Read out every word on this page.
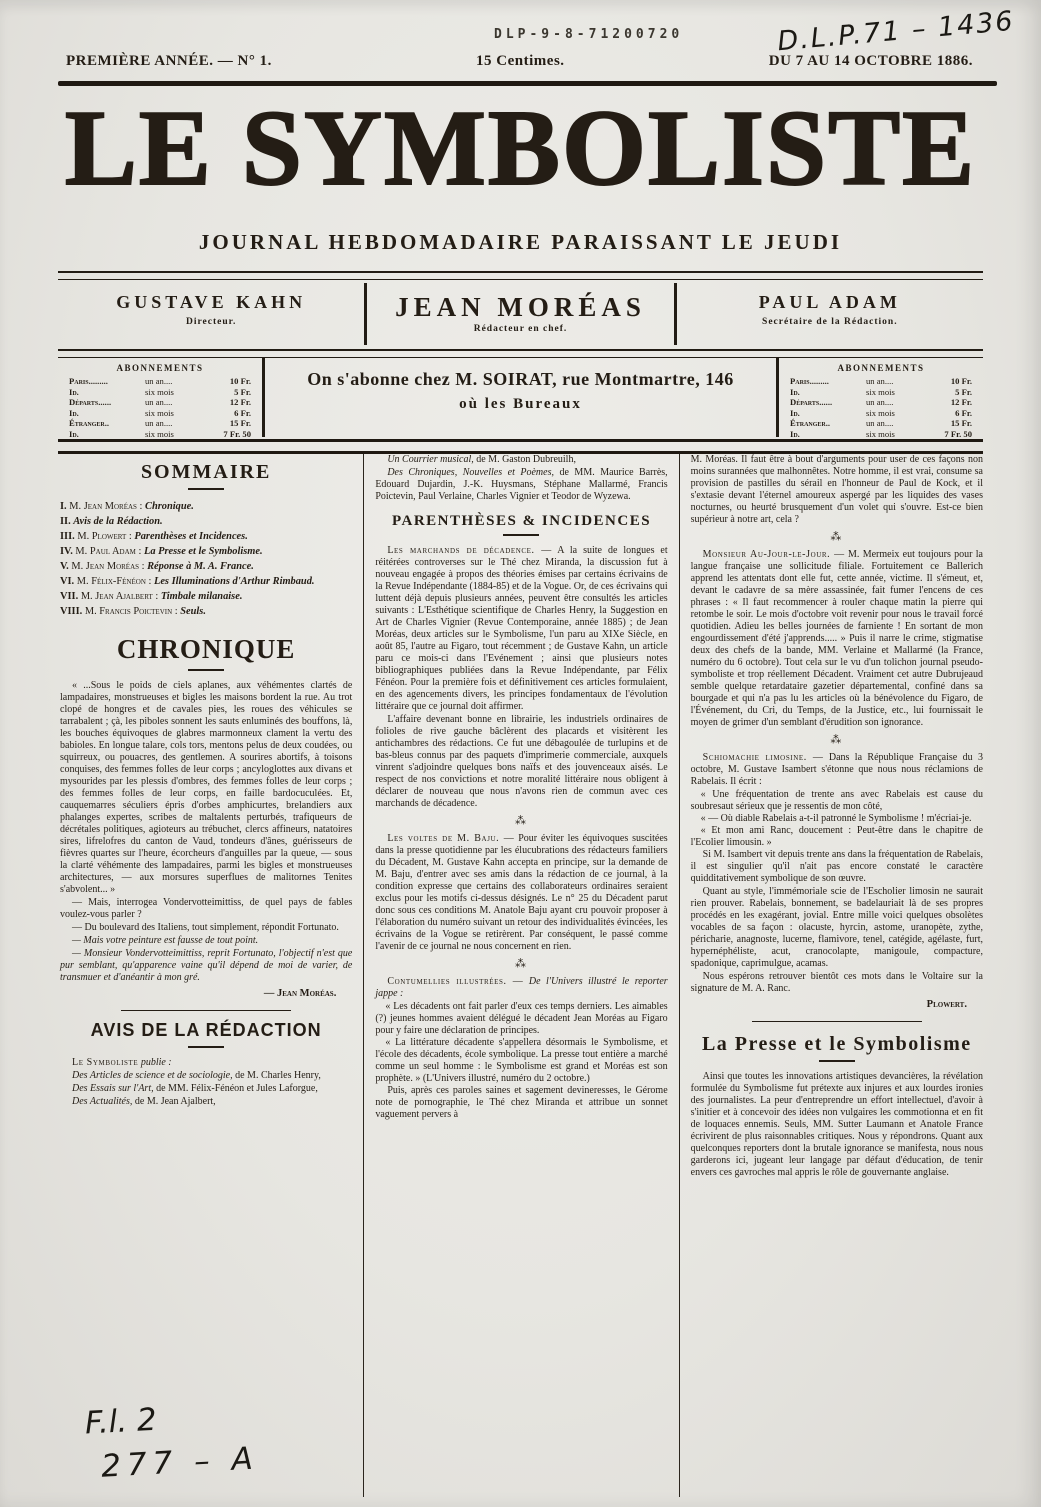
D.L.P.71 – 1436
DLP-9-8-71200720
PREMIÈRE ANNÉE. — N° 1.	15 Centimes.	DU 7 AU 14 OCTOBRE 1886.
LE SYMBOLISTE
JOURNAL HEBDOMADAIRE PARAISSANT LE JEUDI
GUSTAVE KAHN
Directeur.	JEAN MORÉAS
Rédacteur en chef.
PAUL ADAM
Secrétaire de la Rédaction.
ABONNEMENTS
Paris.........	un an....	10 Fr.
Id.	six mois	5 Fr.
Départs......	un an....	12 Fr.
Id.	six mois	6 Fr.
Étranger..	un an....	15 Fr.
Id.	six mois	7 Fr. 50
On s'abonne chez M. SOIRAT, rue Montmartre, 146
où les Bureaux
ABONNEMENTS
Paris.........	un an....	10 Fr.
Id.	six mois	5 Fr.
Départs......	un an....	12 Fr.
Id.	six mois	6 Fr.
Étranger..	un an....	15 Fr.
Id.	six mois	7 Fr. 50
SOMMAIRE
I. M. Jean Moréas : Chronique.
II. Avis de la Rédaction.
III. M. Plowert : Parenthèses et Incidences.
IV. M. Paul Adam : La Presse et le Symbolisme.
V. M. Jean Moréas : Réponse à M. A. France.
VI. M. Félix-Fénéon : Les Illuminations d'Arthur Rimbaud.
VII. M. Jean Ajalbert : Timbale milanaise.
VIII. M. Francis Poictevin : Seuls.
CHRONIQUE

« ...Sous le poids de ciels aplanes, aux véhémentes clartés de lampadaires, monstrueuses et bigles les maisons bordent la rue. Au trot clopé de hongres et de cavales pies, les roues des véhicules se tarrabalent ; çà, les piboles sonnent les sauts enluminés des bouffons, là, les bouches équivoques de glabres marmonneux clament la vertu des babioles. En longue talare, cols tors, mentons pelus de deux coudées, ou squirreux, ou pouacres, des gentlemen. A sourires abortifs, à toisons conquises, des femmes folles de leur corps ; ancyloglottes aux divans et mysourides par les plessis d'ombres, des femmes folles de leur corps ; des femmes folles de leur corps, en faille bardocuculées. Et, cauquemarres séculiers épris d'orbes amphicurtes, brelandiers aux phalanges expertes, scribes de maltalents perturbés, trafiqueurs de décrétales politiques, agioteurs au trébuchet, clercs affineurs, natatoires sires, lifrelofres du canton de Vaud, tondeurs d'ânes, guérisseurs de fièvres quartes sur l'heure, écorcheurs d'anguilles par la queue, — sous la clarté véhémente des lampadaires, parmi les bigles et monstrueuses architectures, — aux morsures superflues de malitornes Tenites s'abvolent... »

— Mais, interrogea Vondervotteimittiss, de quel pays de fables voulez-vous parler ?

— Du boulevard des Italiens, tout simplement, répondit Fortunato.

— Mais votre peinture est fausse de tout point.

— Monsieur Vondervotteimittiss, reprit Fortunato, l'objectif n'est que pur semblant, qu'apparence vaine qu'il dépend de moi de varier, de transmuer et d'anéantir à mon gré.

— Jean Moréas.
AVIS DE LA RÉDACTION

Le Symboliste publie :

Des Articles de science et de sociologie, de M. Charles Henry,

Des Essais sur l'Art, de MM. Félix-Fénéon et Jules Laforgue,

Des Actualités, de M. Jean Ajalbert,

Un Courrier musical, de M. Gaston Dubreuilh,

Des Chroniques, Nouvelles et Poèmes, de MM. Maurice Barrès, Edouard Dujardin, J.-K. Huysmans, Stéphane Mallarmé, Francis Poictevin, Paul Verlaine, Charles Vignier et Teodor de Wyzewa.

PARENTHÈSES & INCIDENCES

Les marchands de décadence. — A la suite de longues et réitérées controverses sur le Thé chez Miranda, la discussion fut à nouveau engagée à propos des théories émises par certains écrivains de la Revue Indépendante (1884-85) et de la Vogue. Or, de ces écrivains qui luttent déjà depuis plusieurs années, peuvent être consultés les articles suivants : L'Esthétique scientifique de Charles Henry, la Suggestion en Art de Charles Vignier (Revue Contemporaine, année 1885) ; de Jean Moréas, deux articles sur le Symbolisme, l'un paru au XIXe Siècle, en août 85, l'autre au Figaro, tout récemment ; de Gustave Kahn, un article paru ce mois-ci dans l'Evénement ; ainsi que plusieurs notes bibliographiques publiées dans la Revue Indépendante, par Félix Fénéon. Pour la première fois et définitivement ces articles formulaient, en des agencements divers, les principes fondamentaux de l'évolution littéraire que ce journal doit affirmer.

L'affaire devenant bonne en librairie, les industriels ordinaires de folioles de rive gauche bâclèrent des placards et visitèrent les antichambres des rédactions. Ce fut une débagoulée de turlupins et de bas-bleus connus par des paquets d'imprimerie commerciale, auxquels vinrent s'adjoindre quelques bons naïfs et des jouvenceaux aisés. Le respect de nos convictions et notre moralité littéraire nous obligent à déclarer de nouveau que nous n'avons rien de commun avec ces marchands de décadence.

⁂

Les voltes de M. Baju. — Pour éviter les équivoques suscitées dans la presse quotidienne par les élucubrations des rédacteurs familiers du Décadent, M. Gustave Kahn accepta en principe, sur la demande de M. Baju, d'entrer avec ses amis dans la rédaction de ce journal, à la condition expresse que certains des collaborateurs ordinaires seraient exclus pour les motifs ci-dessus désignés. Le n° 25 du Décadent parut donc sous ces conditions M. Anatole Baju ayant cru pouvoir proposer à l'élaboration du numéro suivant un retour des individualités évincées, les écrivains de la Vogue se retirèrent. Par conséquent, le passé comme l'avenir de ce journal ne nous concernent en rien.

⁂

Contumellies illustrées. — De l'Univers illustré le reporter jappe :

« Les décadents ont fait parler d'eux ces temps derniers. Les aimables (?) jeunes hommes avaient délégué le décadent Jean Moréas au Figaro pour y faire une déclaration de principes.

« La littérature décadente s'appellera désormais le Symbolisme, et l'école des décadents, école symbolique. La presse tout entière a marché comme un seul homme : le Symbolisme est grand et Moréas est son prophète. » (L'Univers illustré, numéro du 2 octobre.)

Puis, après ces paroles saines et sagement devineresses, le Gérome note de pornographie, le Thé chez Miranda et attribue un sonnet vaguement pervers à

M. Moréas. Il faut être à bout d'arguments pour user de ces façons non moins surannées que malhonnêtes. Notre homme, il est vrai, consume sa provision de pastilles du sérail en l'honneur de Paul de Kock, et il s'extasie devant l'éternel amoureux aspergé par les liquides des vases nocturnes, ou heurté brusquement d'un volet qui s'ouvre. Est-ce bien supérieur à notre art, cela ?

⁂

Monsieur Au-Jour-le-Jour. — M. Mermeix eut toujours pour la langue française une sollicitude filiale. Fortuitement ce Ballerich apprend les attentats dont elle fut, cette année, victime. Il s'émeut, et, devant le cadavre de sa mère assassinée, fait fumer l'encens de ces phrases : « Il faut recommencer à rouler chaque matin la pierre qui retombe le soir. Le mois d'octobre voit revenir pour nous le travail forcé quotidien. Adieu les belles journées de farniente ! En sortant de mon engourdissement d'été j'apprends..... » Puis il narre le crime, stigmatise deux des chefs de la bande, MM. Verlaine et Mallarmé (la France, numéro du 6 octobre). Tout cela sur le vu d'un tolichon journal pseudo-symboliste et trop réellement Décadent. Vraiment cet autre Dubrujeaud semble quelque retardataire gazetier départemental, confiné dans sa bourgade et qui n'a pas lu les articles où la bénévolence du Figaro, de l'Événement, du Cri, du Temps, de la Justice, etc., lui fournissait le moyen de grimer d'un semblant d'érudition son ignorance.

⁂

Schiomachie limosine. — Dans la République Française du 3 octobre, M. Gustave Isambert s'étonne que nous nous réclamions de Rabelais. Il écrit :

« Une fréquentation de trente ans avec Rabelais est cause du soubresaut sérieux que je ressentis de mon côté,

« — Où diable Rabelais a-t-il patronné le Symbolisme ! m'écriai-je.

« Et mon ami Ranc, doucement : Peut-être dans le chapitre de l'Ecolier limousin. »

Si M. Isambert vit depuis trente ans dans la fréquentation de Rabelais, il est singulier qu'il n'ait pas encore constaté le caractère quidditativement symbolique de son œuvre.

Quant au style, l'immémoriale scie de l'Escholier limosin ne saurait rien prouver. Rabelais, bonnement, se badelauriait là de ses propres procédés en les exagérant, jovial. Entre mille voici quelques obsolètes vocables de sa façon : olacuste, hyrcin, astome, uranopète, zythe, péricharie, anagnoste, lucerne, flamivore, tenel, catégide, agélaste, furt, hypernéphéliste, acut, cranocolapte, manigoule, compacture, spadonique, caprimulgue, acamas.

Nous espérons retrouver bientôt ces mots dans le Voltaire sur la signature de M. A. Ranc.

Plowert.
La Presse et le Symbolisme

Ainsi que toutes les innovations artistiques devancières, la révélation formulée du Symbolisme fut prétexte aux injures et aux lourdes ironies des journalistes. La peur d'entreprendre un effort intellectuel, d'avoir à s'initier et à concevoir des idées non vulgaires les commotionna et en fit de loquaces ennemis. Seuls, MM. Sutter Laumann et Anatole France écrivirent de plus raisonnables critiques. Nous y répondrons. Quant aux quelconques reporters dont la brutale ignorance se manifesta, nous nous garderons ici, jugeant leur langage par défaut d'éducation, de tenir envers ces gavroches mal appris le rôle de gouvernante anglaise.

F.l. 2
277 – A
